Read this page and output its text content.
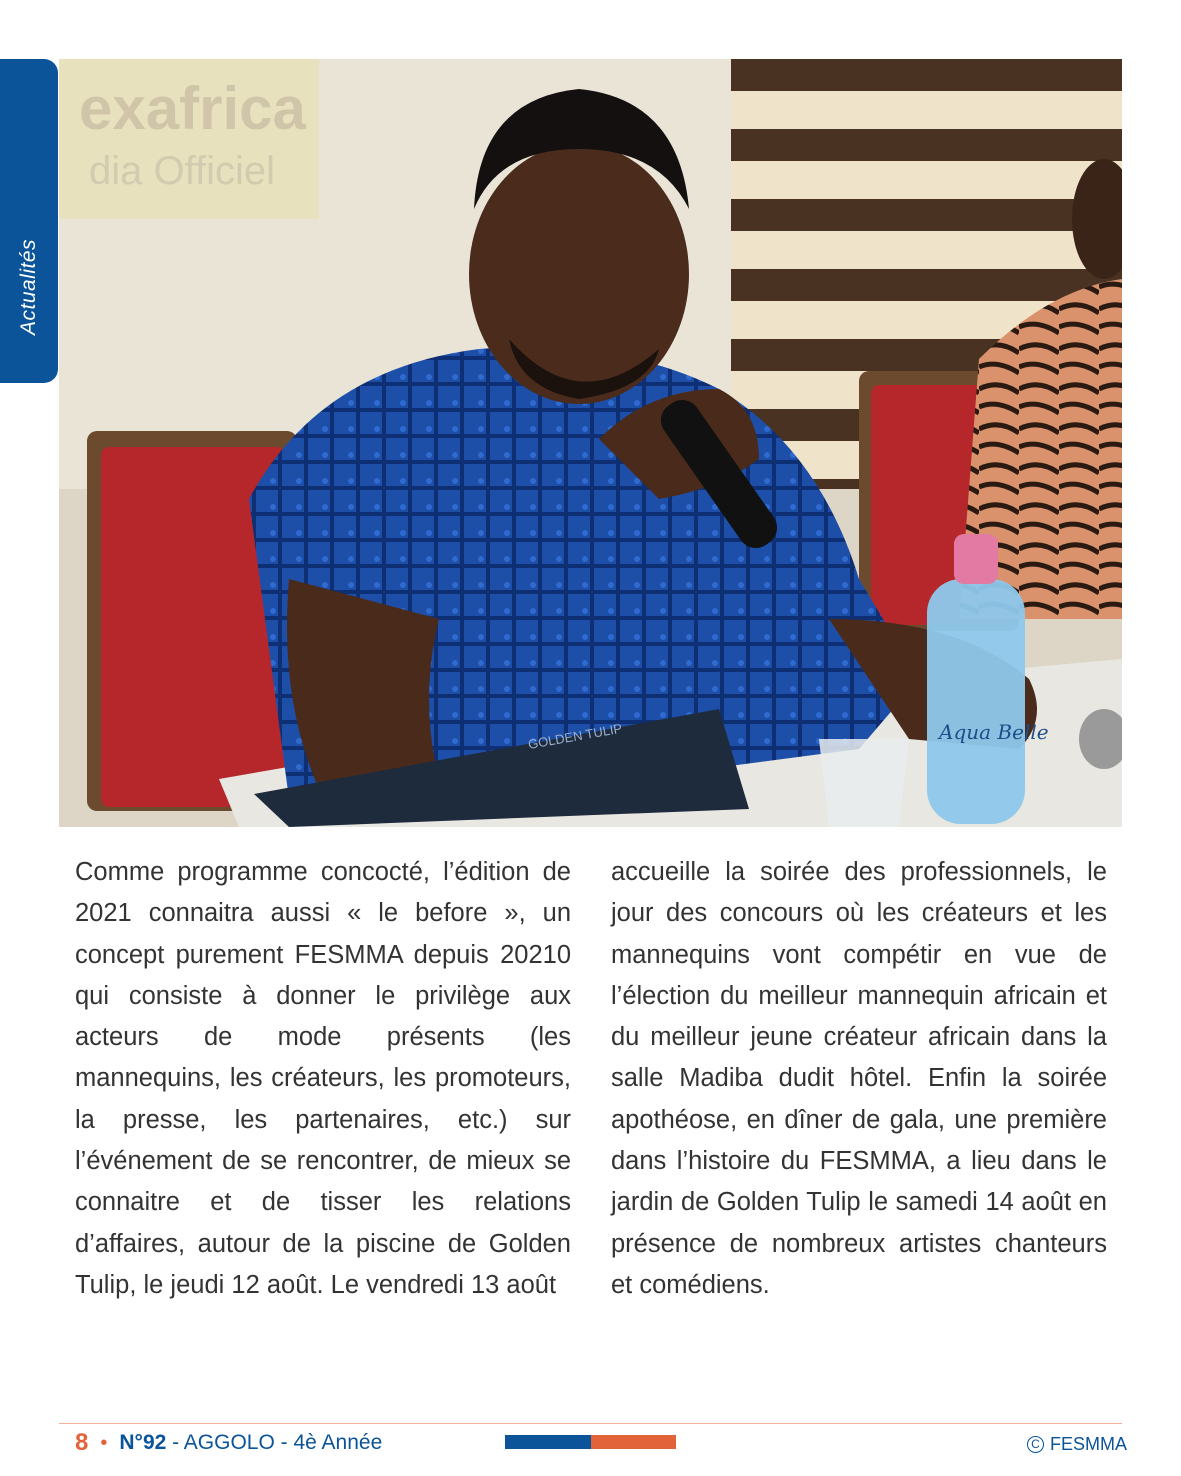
Actualités
exafrica
dia Officiel
GOLDEN TULIP	Aqua Belle
Comme programme concocté, l’édition de 2021 connaitra aussi « le before », un concept purement FESMMA depuis 20210 qui consiste à donner le privilège aux acteurs de mode présents (les mannequins, les créateurs, les promoteurs, la presse, les partenaires, etc.) sur l’événement de se rencontrer, de mieux se connaitre et de tisser les relations d’affaires, autour de la piscine de Golden Tulip, le jeudi 12 août. Le vendredi 13 août
accueille la soirée des professionnels, le jour des concours où les créateurs et les mannequins vont compétir en vue de l’élection du meilleur mannequin africain et du meilleur jeune créateur africain dans la salle Madiba dudit hôtel. Enfin la soirée apothéose, en dîner de gala, une première dans l’histoire du FESMMA, a lieu dans le jardin de Golden Tulip le samedi 14 août en présence de nombreux artistes chanteurs et comédiens.
8 • N°92 - AGGOLO - 4è Année	C FESMMA
